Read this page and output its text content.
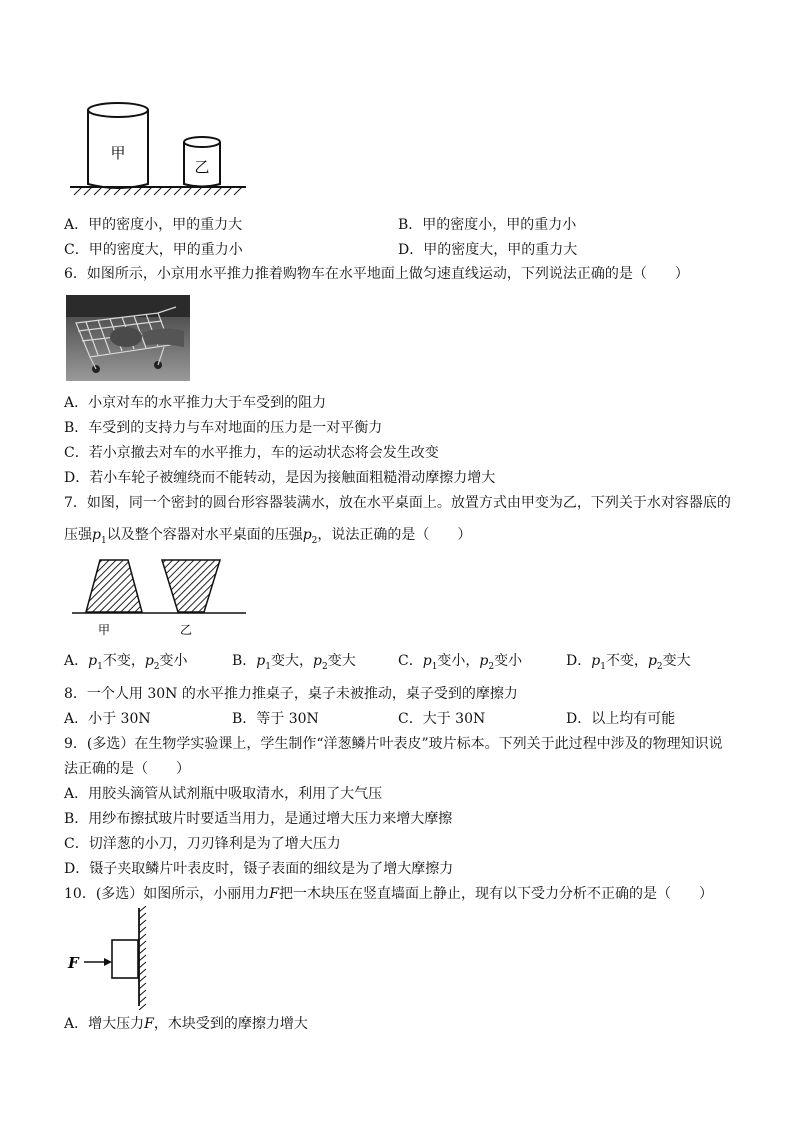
甲
乙
A．甲的密度小，甲的重力大	B．甲的密度小，甲的重力小
C．甲的密度大，甲的重力小	D．甲的密度大，甲的重力大
6．如图所示，小京用水平推力推着购物车在水平地面上做匀速直线运动，下列说法正确的是（　　）
A．小京对车的水平推力大于车受到的阻力
B．车受到的支持力与车对地面的压力是一对平衡力
C．若小京撤去对车的水平推力，车的运动状态将会发生改变
D．若小车轮子被缠绕而不能转动，是因为接触面粗糙滑动摩擦力增大
7．如图，同一个密封的圆台形容器装满水，放在水平桌面上。放置方式由甲变为乙，下列关于水对容器底的
压强$p_1$以及整个容器对水平桌面的压强$p_2$，说法正确的是（　　）
甲	乙
A．$p_1$不变，$p_2$变小	B．$p_1$变大，$p_2$变大	C．$p_1$变小，$p_2$变小	D．$p_1$不变，$p_2$变大
8．一个人用 30N 的水平推力推桌子，桌子未被推动，桌子受到的摩擦力
A．小于 30N	B．等于 30N	C．大于 30N	D．以上均有可能
9．(多选）在生物学实验课上，学生制作“洋葱鳞片叶表皮”玻片标本。下列关于此过程中涉及的物理知识说
法正确的是（　　）
A．用胶头滴管从试剂瓶中吸取清水，利用了大气压
B．用纱布擦拭玻片时要适当用力，是通过增大压力来增大摩擦
C．切洋葱的小刀，刀刃锋利是为了增大压力
D．镊子夹取鳞片叶表皮时，镊子表面的细纹是为了增大摩擦力
10．(多选）如图所示，小丽用力F把一木块压在竖直墙面上静止，现有以下受力分析不正确的是（　　）
F
A．增大压力F，木块受到的摩擦力增大
